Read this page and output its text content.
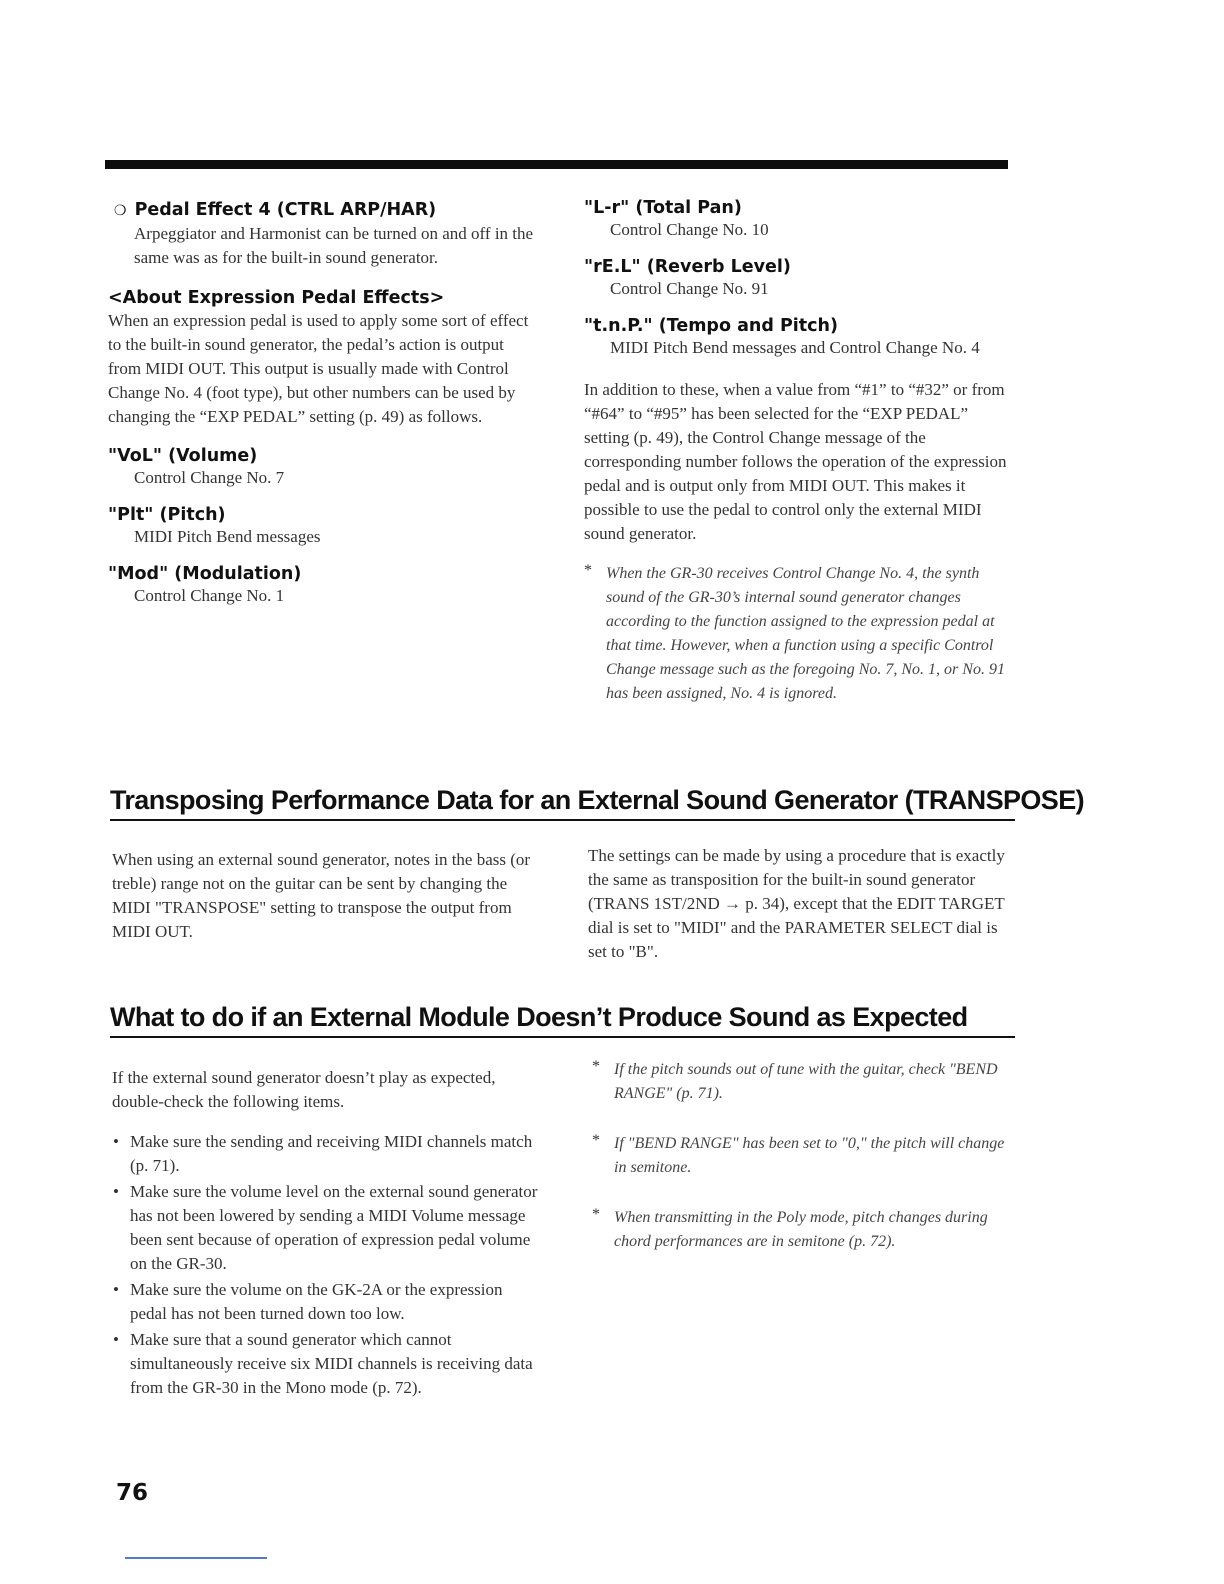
❍ Pedal Effect 4 (CTRL ARP/HAR)
Arpeggiator and Harmonist can be turned on and off in the same was as for the built-in sound generator.
<About Expression Pedal Effects>
When an expression pedal is used to apply some sort of effect to the built-in sound generator, the pedal’s action is output from MIDI OUT. This output is usually made with Control Change No. 4 (foot type), but other numbers can be used by changing the “EXP PEDAL” setting (p. 49) as follows.
"VoL" (Volume)
Control Change No. 7
"Plt" (Pitch)
MIDI Pitch Bend messages
"Mod" (Modulation)
Control Change No. 1
"L-r" (Total Pan)
Control Change No. 10
"rE.L" (Reverb Level)
Control Change No. 91
"t.n.P." (Tempo and Pitch)
MIDI Pitch Bend messages and Control Change No. 4
In addition to these, when a value from “#1” to “#32” or from “#64” to “#95” has been selected for the “EXP PEDAL” setting (p. 49), the Control Change message of the corresponding number follows the operation of the expression pedal and is output only from MIDI OUT. This makes it possible to use the pedal to control only the external MIDI sound generator.
* When the GR-30 receives Control Change No. 4, the synth sound of the GR-30’s internal sound generator changes according to the function assigned to the expression pedal at that time. However, when a function using a specific Control Change message such as the foregoing No. 7, No. 1, or No. 91 has been assigned, No. 4 is ignored.
Transposing Performance Data for an External Sound Generator (TRANSPOSE)
When using an external sound generator, notes in the bass (or treble) range not on the guitar can be sent by changing the MIDI "TRANSPOSE" setting to transpose the output from MIDI OUT.
The settings can be made by using a procedure that is exactly the same as transposition for the built-in sound generator (TRANS 1ST/2ND → p. 34), except that the EDIT TARGET dial is set to "MIDI" and the PARAMETER SELECT dial is set to "B".
What to do if an External Module Doesn’t Produce Sound as Expected
If the external sound generator doesn’t play as expected, double-check the following items.
• Make sure the sending and receiving MIDI channels match (p. 71).
• Make sure the volume level on the external sound generator has not been lowered by sending a MIDI Volume message been sent because of operation of expression pedal volume on the GR-30.
• Make sure the volume on the GK-2A or the expression pedal has not been turned down too low.
• Make sure that a sound generator which cannot simultaneously receive six MIDI channels is receiving data from the GR-30 in the Mono mode (p. 72).
* If the pitch sounds out of tune with the guitar, check "BEND RANGE" (p. 71).
* If "BEND RANGE" has been set to "0," the pitch will change in semitone.
* When transmitting in the Poly mode, pitch changes during chord performances are in semitone (p. 72).
76
